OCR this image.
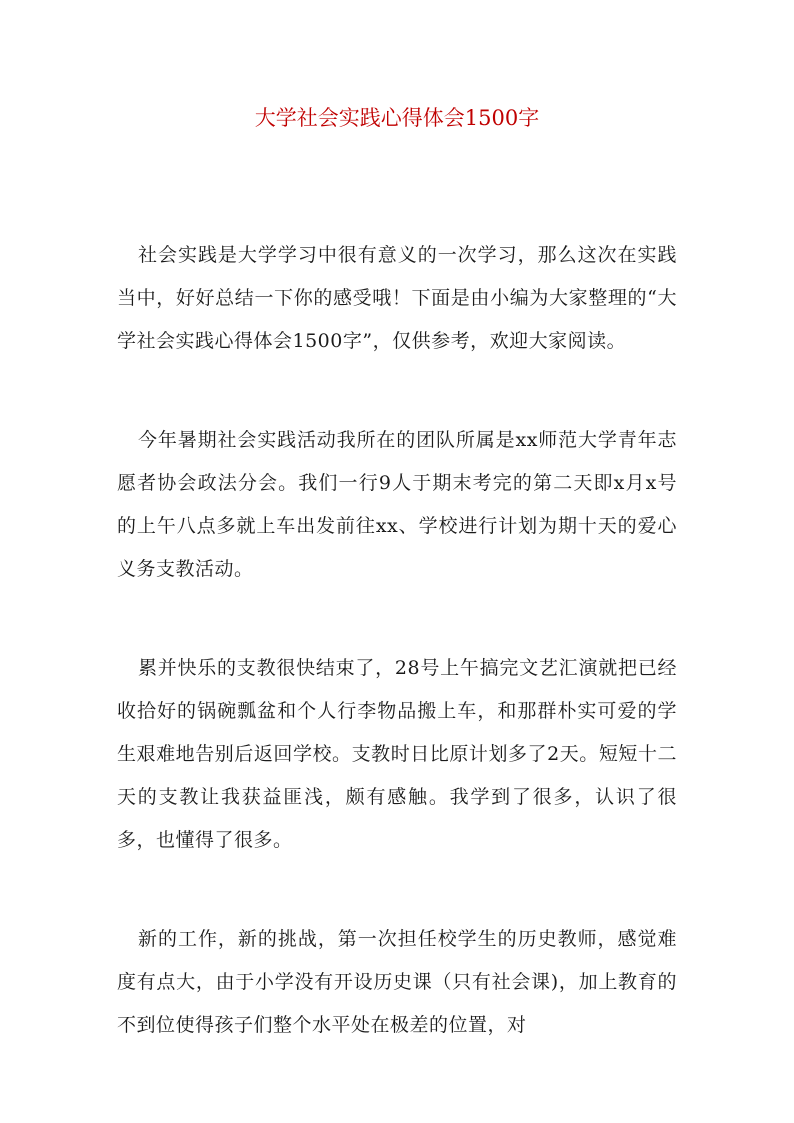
大学社会实践心得体会1500字

社会实践是大学学习中很有意义的一次学习，那么这次在实践当中，好好总结一下你的感受哦！下面是由小编为大家整理的“大学社会实践心得体会1500字”，仅供参考，欢迎大家阅读。

今年暑期社会实践活动我所在的团队所属是xx师范大学青年志愿者协会政法分会。我们一行9人于期末考完的第二天即x月x号的上午八点多就上车出发前往xx、学校进行计划为期十天的爱心义务支教活动。

累并快乐的支教很快结束了，28号上午搞完文艺汇演就把已经收拾好的锅碗瓢盆和个人行李物品搬上车，和那群朴实可爱的学生艰难地告别后返回学校。支教时日比原计划多了2天。短短十二天的支教让我获益匪浅，颇有感触。我学到了很多，认识了很多，也懂得了很多。

新的工作，新的挑战，第一次担任校学生的历史教师，感觉难度有点大，由于小学没有开设历史课（只有社会课)，加上教育的不到位使得孩子们整个水平处在极差的位置，对
